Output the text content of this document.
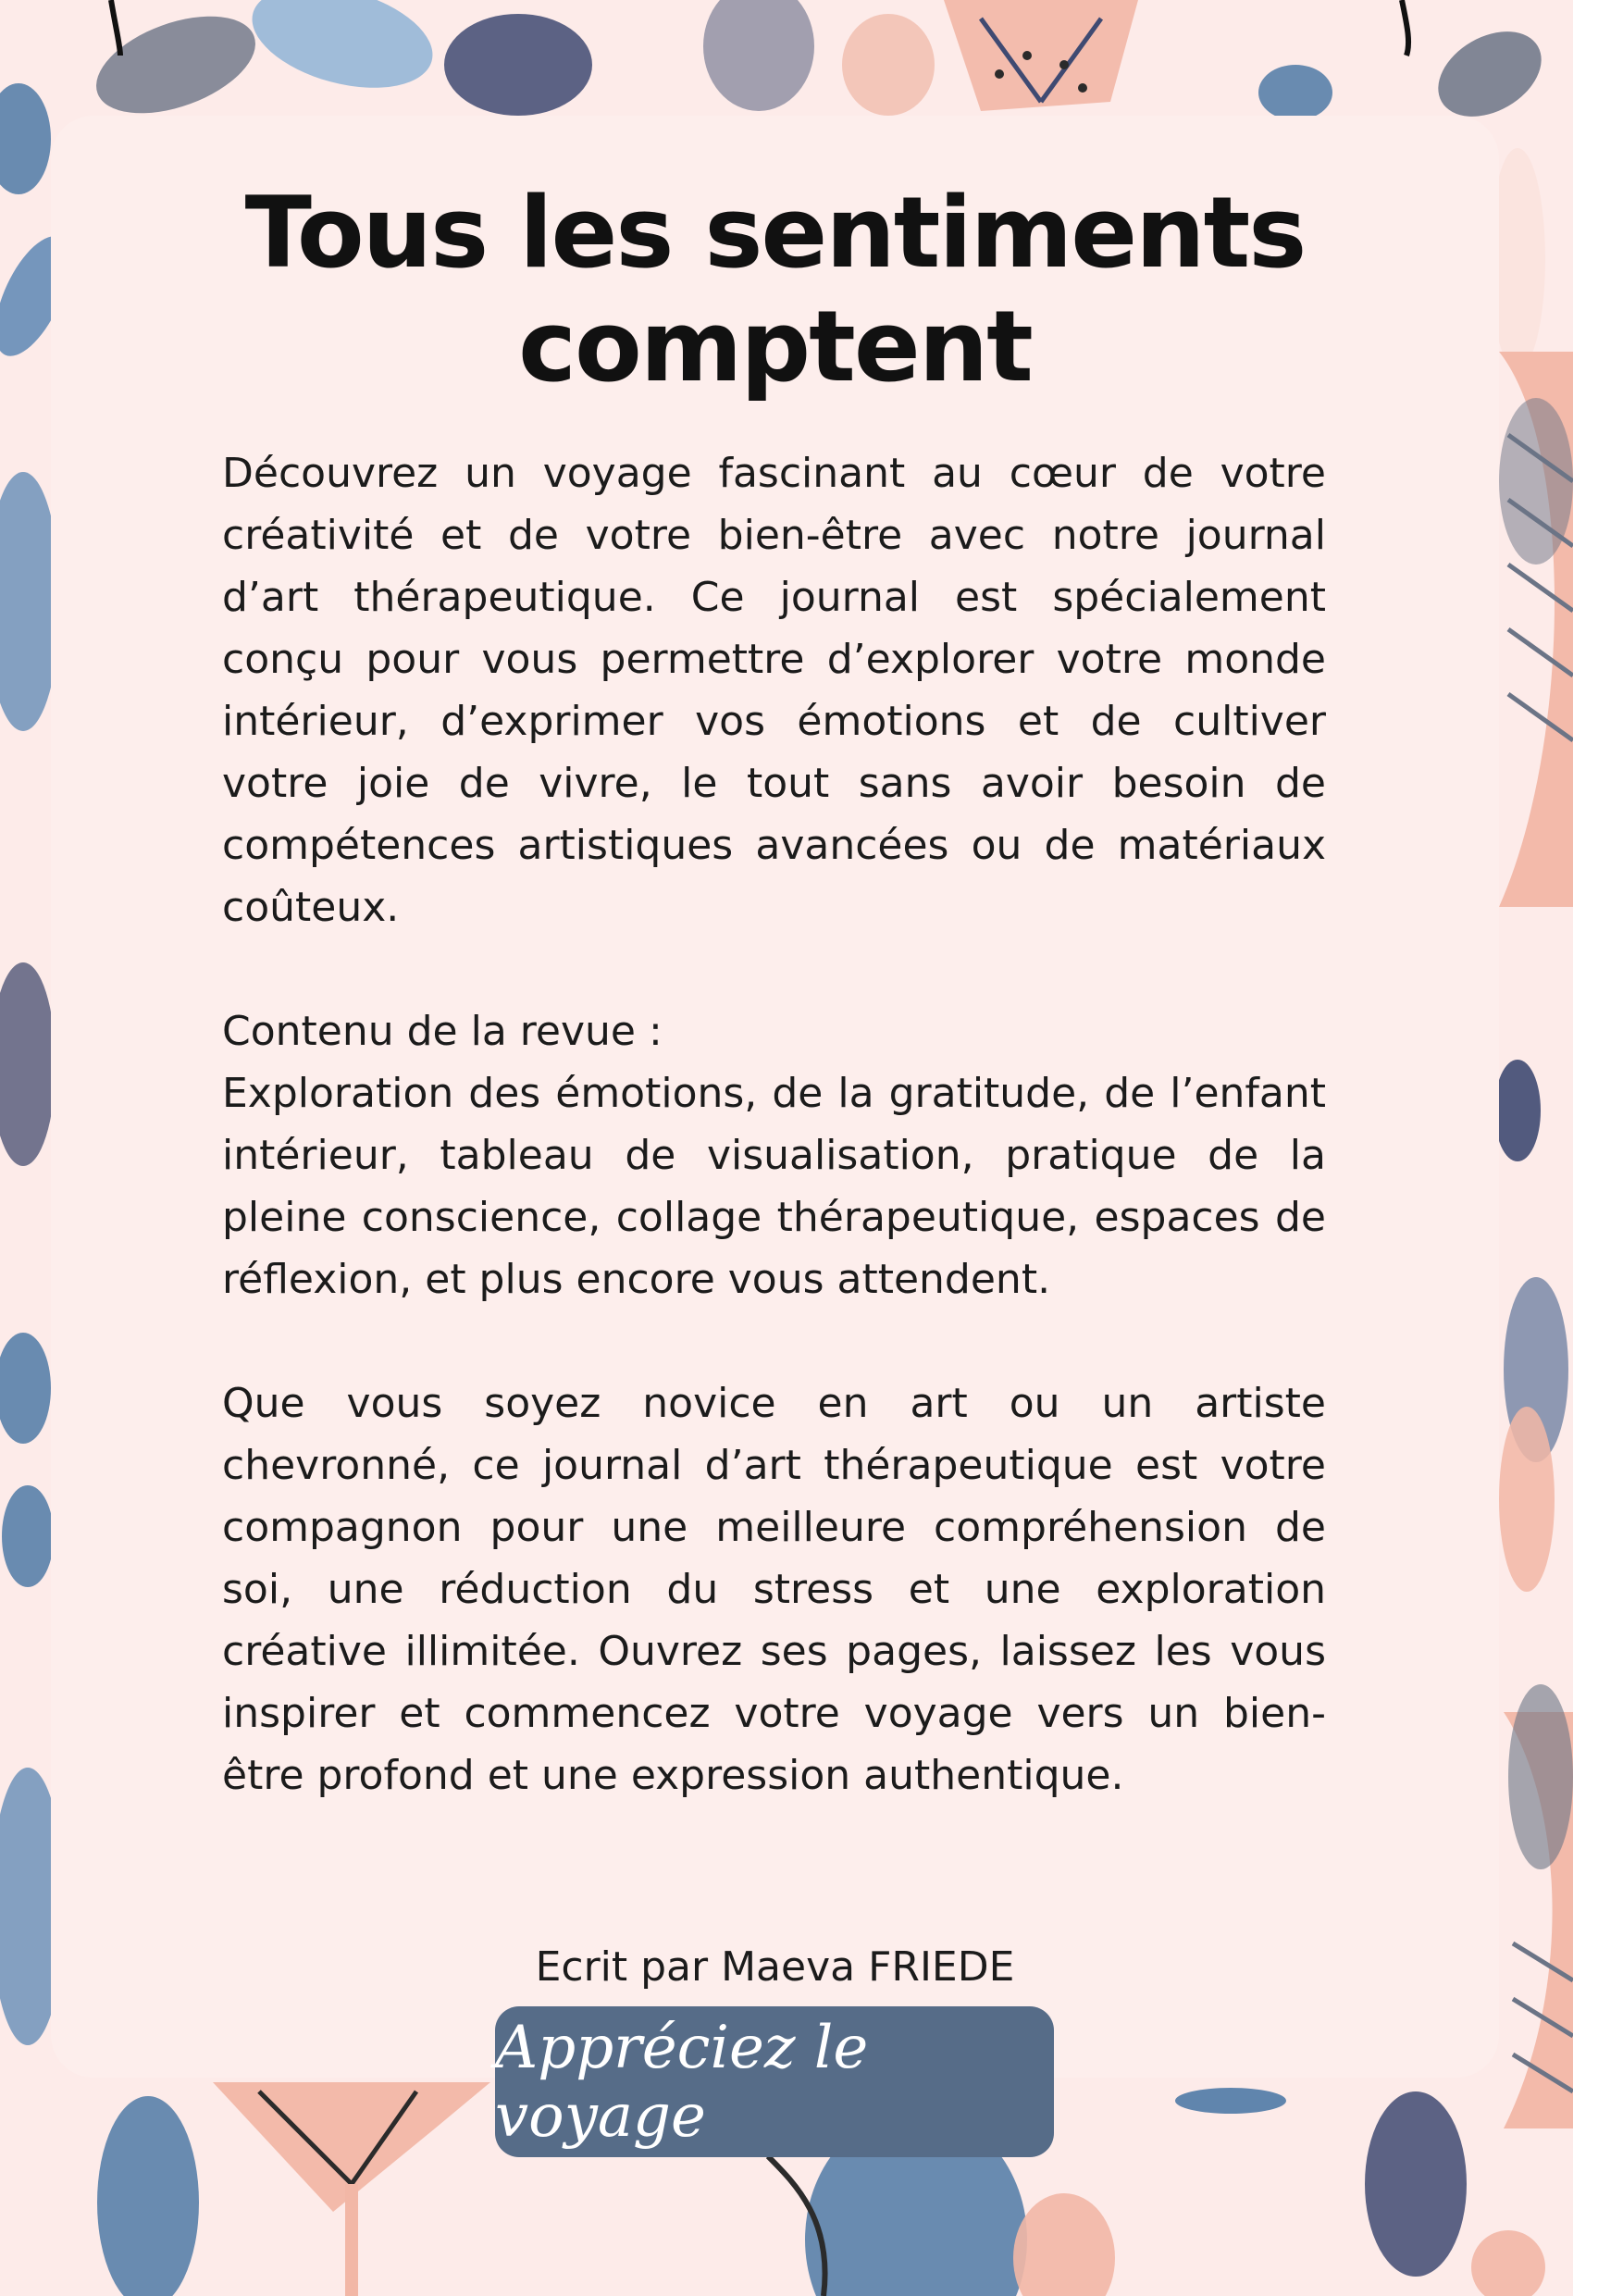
Tous les sentiments comptent

Découvrez un voyage fascinant au cœur de votre créativité et de votre bien-être avec notre journal d’art thérapeutique. Ce journal est spécialement conçu pour vous permettre d’explorer votre monde intérieur, d’exprimer vos émotions et de cultiver votre joie de vivre, le tout sans avoir besoin de compétences artistiques avancées ou de matériaux coûteux.

Contenu de la revue :
Exploration des émotions, de la gratitude, de l’enfant intérieur, tableau de visualisation, pratique de la pleine conscience, collage thérapeutique, espaces de réflexion, et plus encore vous attendent.

Que vous soyez novice en art ou un artiste chevronné, ce journal d’art thérapeutique est votre compagnon pour une meilleure compréhension de soi, une réduction du stress et une exploration créative illimitée. Ouvrez ses pages, laissez les vous inspirer et commencez votre voyage vers un bien-être profond et une expression authentique.

Ecrit par Maeva FRIEDE
Appréciez le voyage
